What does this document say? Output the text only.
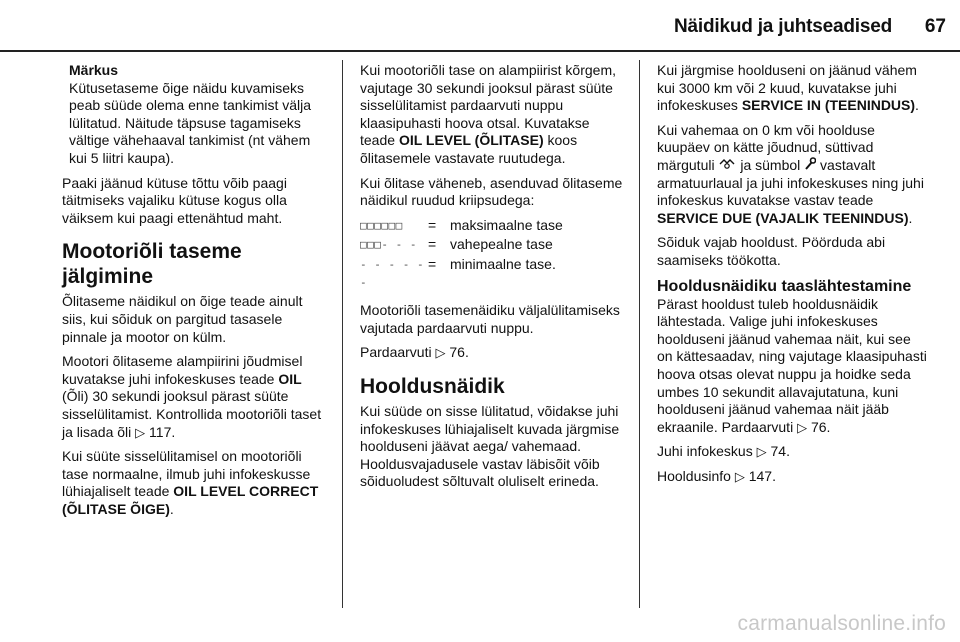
Näidikud ja juhtseadised 67
Märkus
Kütusetaseme õige näidu kuvamiseks peab süüde olema enne tankimist välja lülitatud. Näitude täpsuse tagamiseks vältige vähehaaval tankimist (nt vähem kui 5 liitri kaupa).

Paaki jäänud kütuse tõttu võib paagi täitmiseks vajaliku kütuse kogus olla väiksem kui paagi ettenähtud maht.

Mootoriõli taseme jälgimine

Õlitaseme näidikul on õige teade ainult siis, kui sõiduk on pargitud tasasele pinnale ja mootor on külm.

Mootori õlitaseme alampiirini jõudmisel kuvatakse juhi infokeskuses teade OIL (Õli) 30 sekundi jooksul pärast süüte sisselülitamist. Kontrollida mootoriõli taset ja lisada õli ▷ 117.

Kui süüte sisselülitamisel on mootoriõli tase normaalne, ilmub juhi infokeskusse lühiajaliselt teade OIL LEVEL CORRECT (ÕLITASE ÕIGE).

Kui mootoriõli tase on alampiirist kõrgem, vajutage 30 sekundi jooksul pärast süüte sisselülitamist pardaarvuti nuppu klaasipuhasti hoova otsal. Kuvatakse teade OIL LEVEL (ÕLITASE) koos õlitasemele vastavate ruutudega.

Kui õlitase väheneb, asenduvad õlitaseme näidikul ruudud kriipsudega:

□□□□□□	=	maksimaalne tase
□□□- - -	=	vahepealne tase
- - - - - -	=	minimaalne tase.

Mootoriõli tasemenäidiku väljalülitamiseks vajutada pardaarvuti nuppu.

Pardaarvuti ▷ 76.

Hooldusnäidik

Kui süüde on sisse lülitatud, võidakse juhi infokeskuses lühiajaliselt kuvada järgmise hoolduseni jäävat aega/ vahemaad. Hooldusvajadusele vastav läbisõit võib sõiduoludest sõltuvalt oluliselt erineda.

Kui järgmise hoolduseni on jäänud vähem kui 3000 km või 2 kuud, kuvatakse juhi infokeskuses SERVICE IN (TEENINDUS).

Kui vahemaa on 0 km või hoolduse kuupäev on kätte jõudnud, süttivad märgutuli  ja sümbol  vastavalt armatuurlaual ja juhi infokeskuses ning juhi infokeskus kuvatakse vastav teade SERVICE DUE (VAJALIK TEENINDUS).

Sõiduk vajab hooldust. Pöörduda abi saamiseks töökotta.

Hooldusnäidiku taaslähtestamine

Pärast hooldust tuleb hooldusnäidik lähtestada. Valige juhi infokeskuses hoolduseni jäänud vahemaa näit, kui see on kättesaadav, ning vajutage klaasipuhasti hoova otsas olevat nuppu ja hoidke seda umbes 10 sekundit allavajutatuna, kuni hoolduseni jäänud vahemaa näit jääb ekraanile. Pardaarvuti ▷ 76.

Juhi infokeskus ▷ 74.

Hooldusinfo ▷ 147.

carmanualsonline.info
